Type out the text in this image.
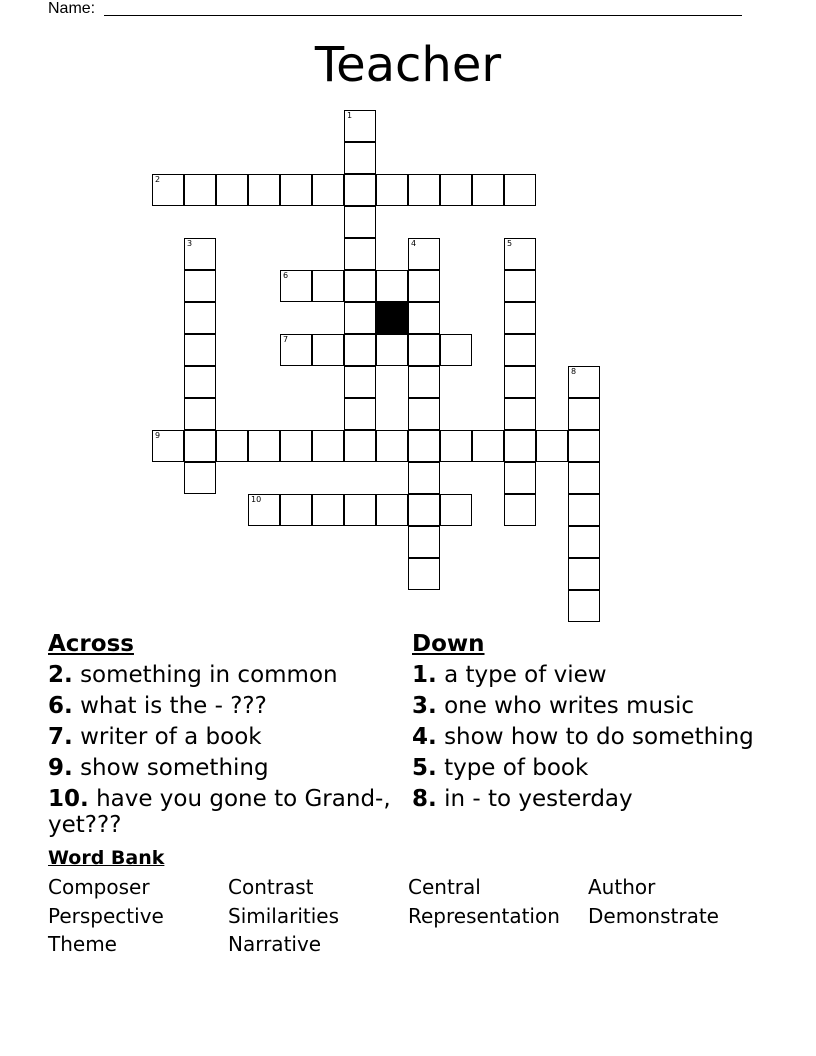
Name:
Teacher
1
2
3	4	5
6
7
8
9
10
Across
2. something in common
6. what is the - ???
7. writer of a book
9. show something
10. have you gone to Grand-, yet???
Down
1. a type of view
3. one who writes music
4. show how to do something
5. type of book
8. in - to yesterday
Word Bank
Composer	Contrast	Central	Author
Perspective	Similarities	Representation Demonstrate
Theme	Narrative
